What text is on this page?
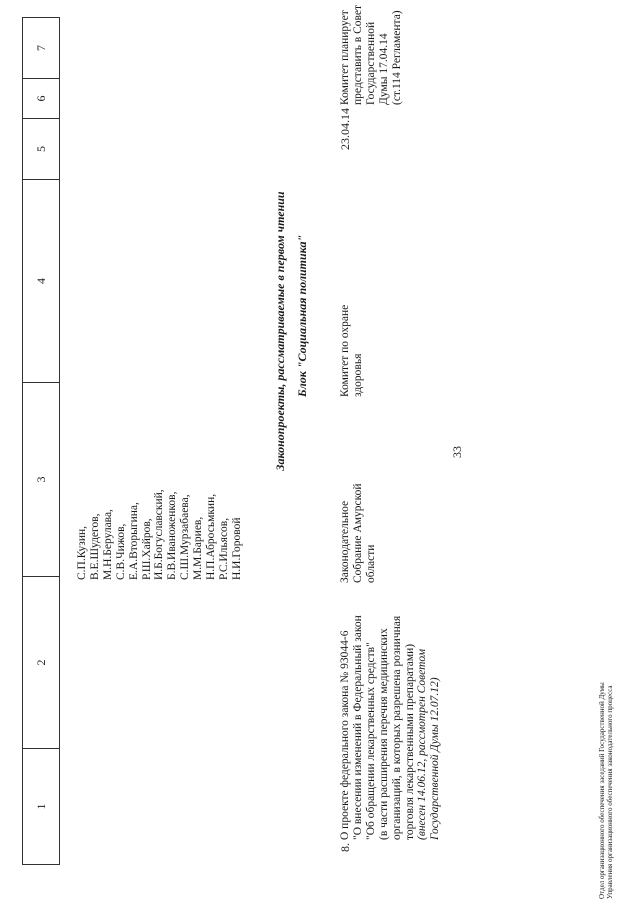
33
1
2
3
4
5
6
7
С.П.Кузин, В.Е.Шудегов, М.Н.Берулава, С.В.Чижов, Е.А.Вторыгина, Р.Ш.Хайров, И.Б.Богуславский, Б.В.Иваноженков, С.Ш.Мурзабаева, М.М.Бариев, Н.П.Абросьмкин, Р.С.Ильясов, Н.И.Горовой
Законопроекты, рассматриваемые в первом чтении Блок "Социальная политика"
8.
О проекте федерального закона № 93044-6 "О внесении изменений в Федеральный закон "Об обращении лекарственных средств" (в части расширения перечня медицинских организаций, в которых разрешена розничная торговля лекарственными препаратами) (внесен 14.06.12, рассмотрен Советом Государственной Думы 12.07.12)
Законодательное Собрание Амурской области
Комитет по охране здоровья
23.04.14
Комитет планирует представить в Совет Государственной Думы 17.04.14 (ст.114 Регламента)
Отдел организационного обеспечения заседаний Государственной Думы Управления организационного обеспечения законодательного процесса
